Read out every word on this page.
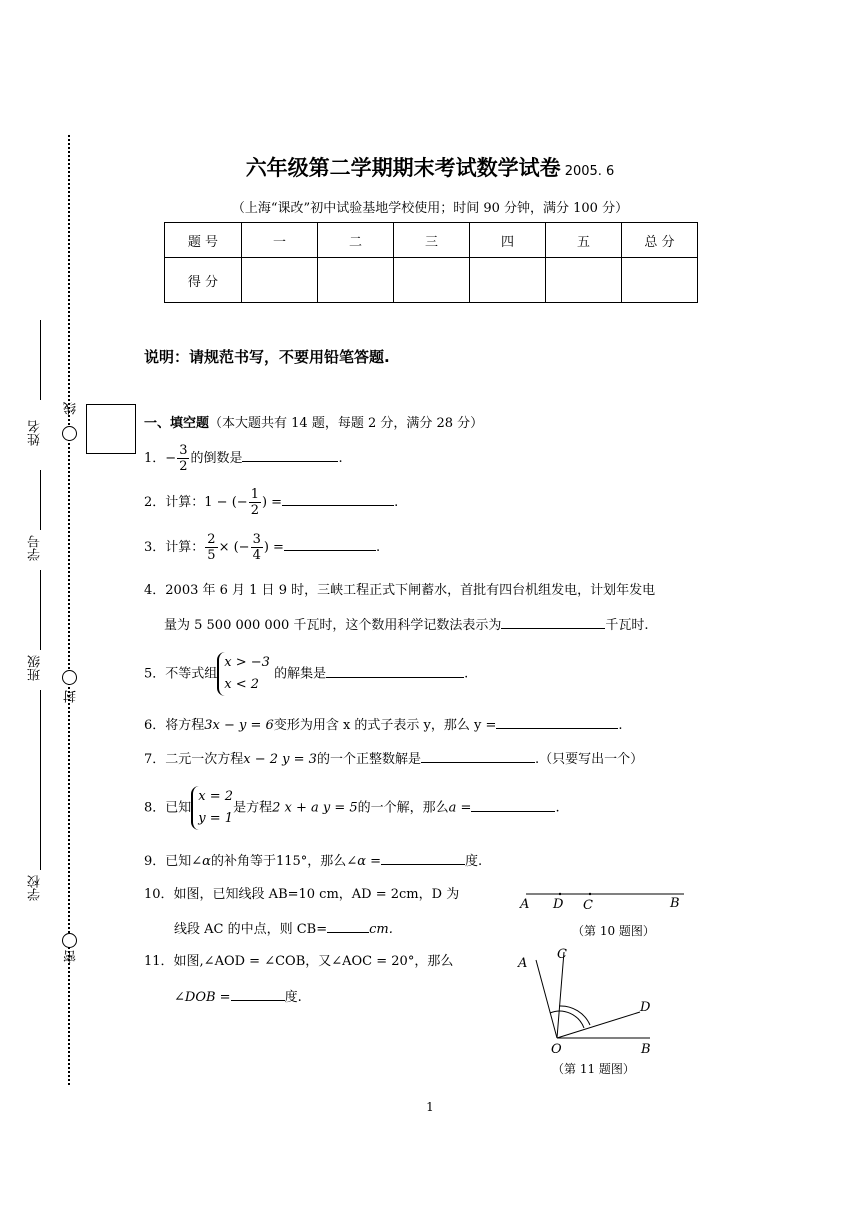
线
封
密
姓名
学号
班级
学校
六年级第二学期期末考试数学试卷 2005. 6
（上海“课改”初中试验基地学校使用；时间 90 分钟，满分 100 分）
题 号	一	二	三	四	五	总 分
得 分						
说明：请规范书写，不要用铅笔答题.
一、填空题（本大题共有 14 题，每题 2 分，满分 28 分）
1．− $\frac{3}{2}$ 的倒数是	.
2．计算：1 − (− $\frac{1}{2}$ ) =	.
3．计算： $\frac{2}{5}$ × (− $\frac{3}{4}$ ) =	.
4．2003 年 6 月 1 日 9 时，三峡工程正式下闸蓄水，首批有四台机组发电，计划年发电
量为 5 500 000 000 千瓦时，这个数用科学记数法表示为	千瓦时.
5．不等式组
x > −3
x < 2
的解集是	.
6．将方程3x − y = 6变形为用含 x 的式子表示 y，那么 y =	.
7．二元一次方程x − 2 y = 3的一个正整数解是	.（只要写出一个）
8．已知
x = 2
y = 1
是方程2 x + a y = 5的一个解，那么a =	.
9．已知∠α的补角等于115°，那么∠α =	度.
10．如图，已知线段 AB=10 cm，AD = 2cm，D 为
线段 AC 的中点，则 CB=	cm.
11．如图,∠AOD = ∠COB，又∠AOC = 20°，那么
∠DOB =	度.
A D C	B
（第 10 题图）
A
C
D
O	B
（第 11 题图）
1
